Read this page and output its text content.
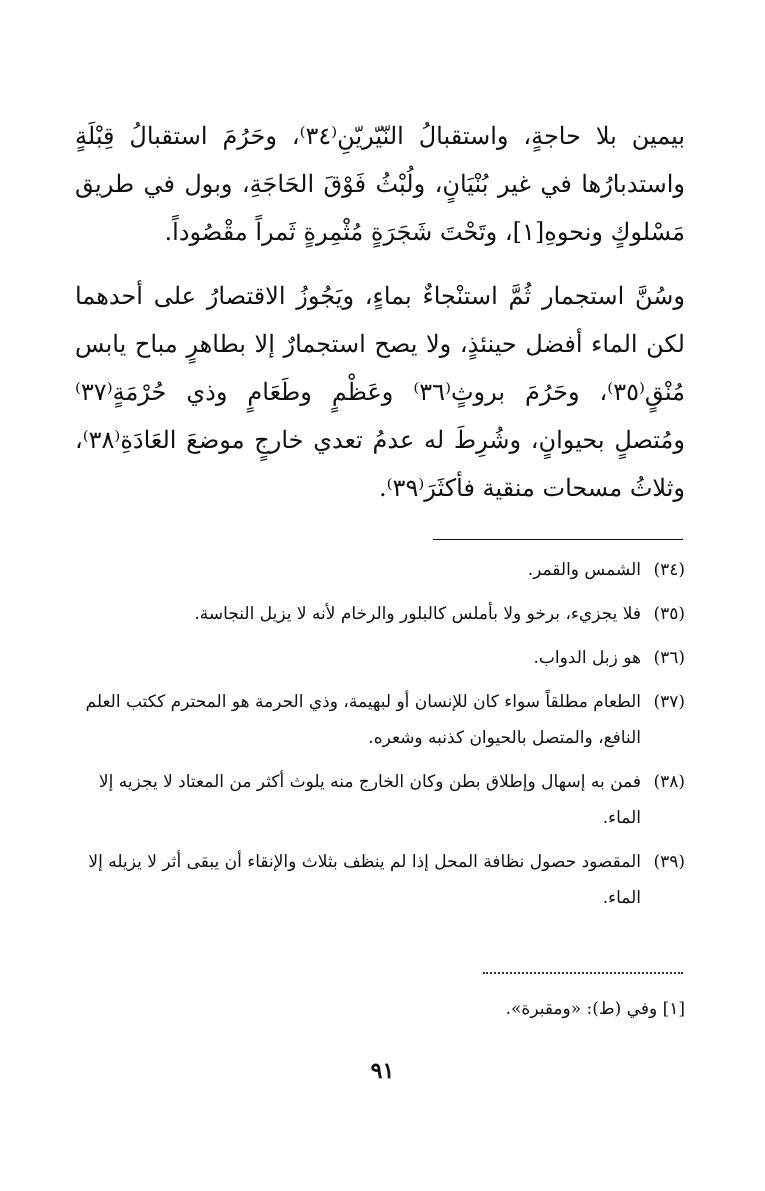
بيمين بلا حاجةٍ، واستقبالُ النّيّريّنِ⁽٣٤⁾، وحَرُمَ استقبالُ قِبْلَةٍ واستدبارُها في غير بُنْيَانٍ، ولُبْثُ فَوْقَ الحَاجَةِ، وبول في طريق مَسْلوكٍ ونحوهِ[١]، وتَحْتَ شَجَرَةٍ مُثْمِرةٍ ثَمراً مقْصُوداً.

وسُنَّ استجمار ثُمَّ استنْجاءٌ بماءٍ، ويَجُوزُ الاقتصارُ على أحدهما لكن الماء أفضل حينئذٍ، ولا يصح استجمارٌ إلا بطاهرٍ مباح يابس مُنْقٍ⁽٣٥⁾، وحَرُمَ بروثٍ⁽٣٦⁾ وعَظْمٍ وطَعَامٍ وذي حُرْمَةٍ⁽٣٧⁾ ومُتصلٍ بحيوانٍ، وشُرِطَ له عدمُ تعدي خارجٍ موضعَ العَادَةِ⁽٣٨⁾، وثلاثُ مسحات منقية فأكثَرَ⁽٣٩⁾.

(٣٤)
الشمس والقمر.
(٣٥)
فلا يجزيء، برخو ولا بأملس كالبلور والرخام لأنه لا يزيل النجاسة.
(٣٦)
هو زبل الدواب.
(٣٧)
الطعام مطلقاً سواء كان للإنسان أو لبهيمة، وذي الحرمة هو المحترم ككتب العلم النافع، والمتصل بالحيوان كذنبه وشعره.
(٣٨)
فمن به إسهال وإطلاق بطن وكان الخارج منه يلوث أكثر من المعتاد لا يجزيه إلا الماء.
(٣٩)
المقصود حصول نظافة المحل إذا لم ينظف بثلاث والإنقاء أن يبقى أثر لا يزيله إلا الماء.
[١] وفي (ط): «ومقبرة».
٩١
